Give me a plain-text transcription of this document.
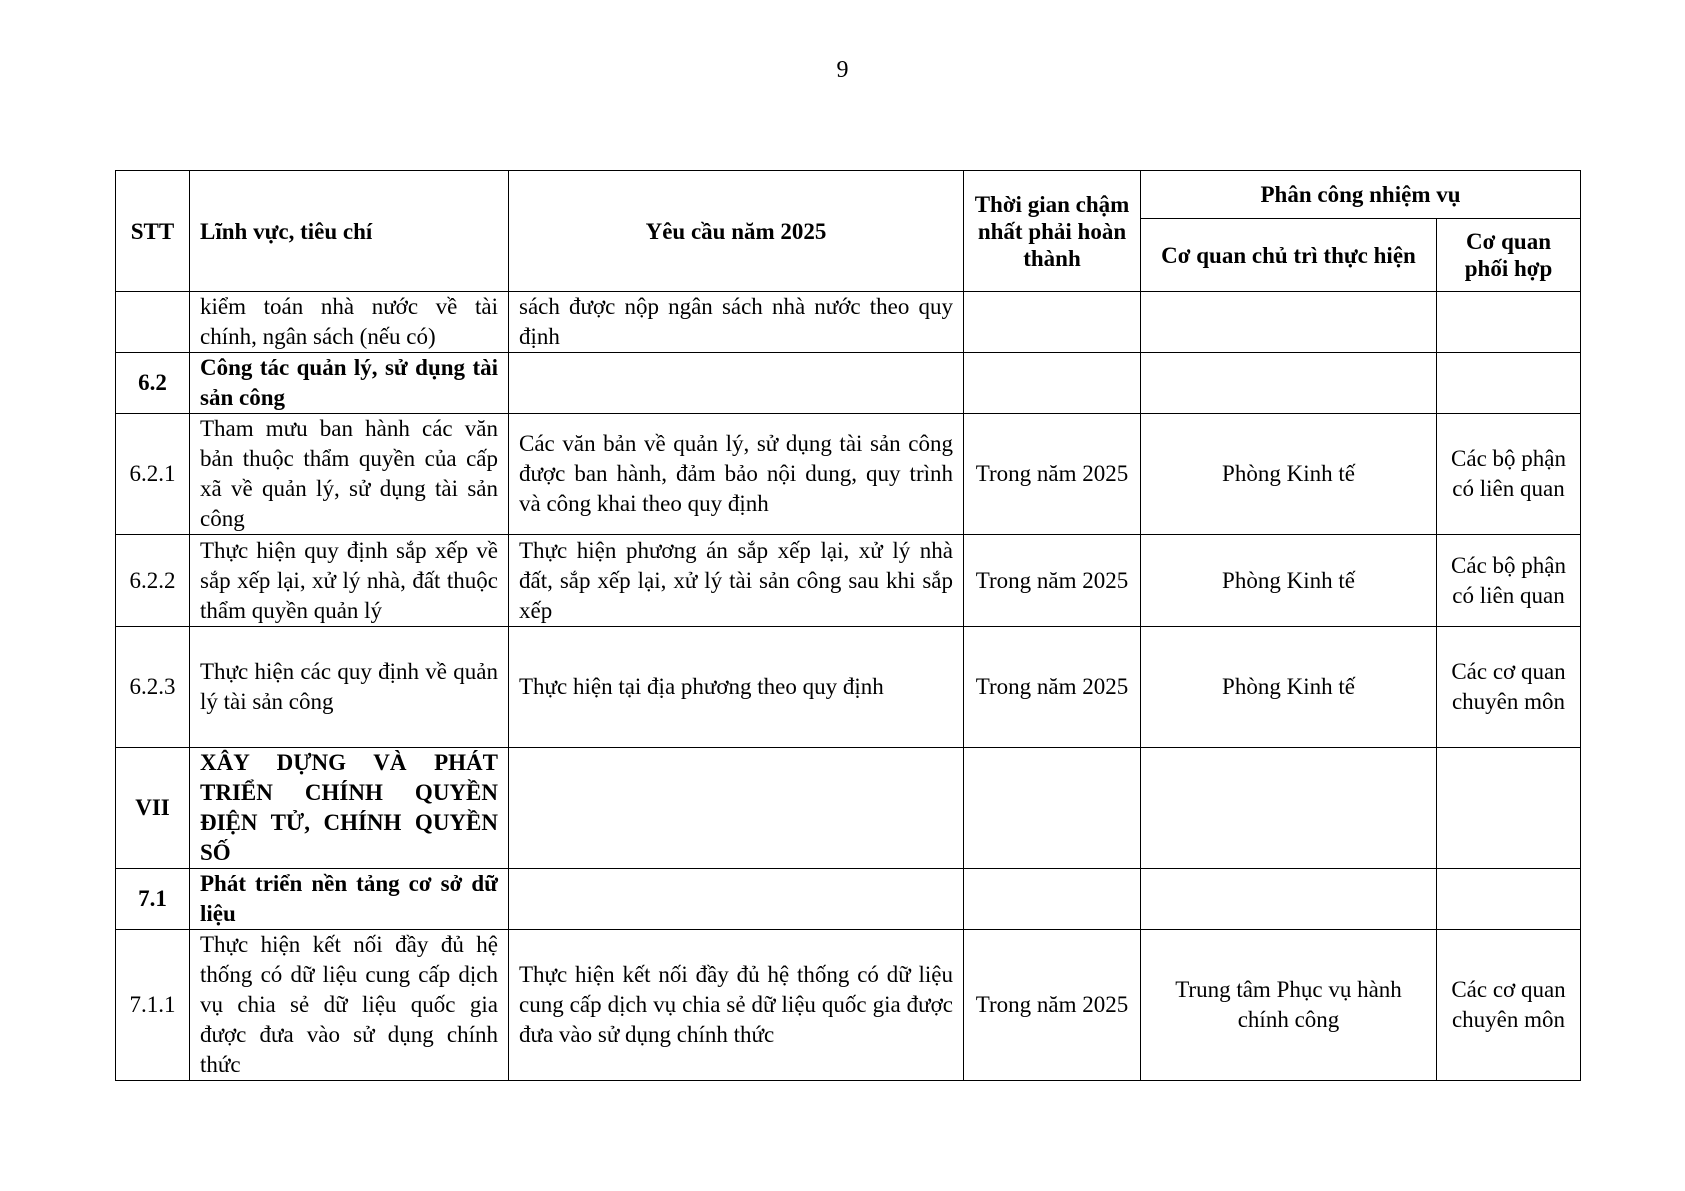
9
STT	Lĩnh vực, tiêu chí	Yêu cầu năm 2025	Thời gian chậm nhất phải hoàn thành	Phân công nhiệm vụ	
				Cơ quan chủ trì thực hiện	Cơ quan phối hợp
	kiểm toán nhà nước về tài chính, ngân sách (nếu có)	sách được nộp ngân sách nhà nước theo quy định			
6.2	Công tác quản lý, sử dụng tài sản công				
6.2.1	Tham mưu ban hành các văn bản thuộc thẩm quyền của cấp xã về quản lý, sử dụng tài sản công	Các văn bản về quản lý, sử dụng tài sản công được ban hành, đảm bảo nội dung, quy trình và công khai theo quy định	Trong năm 2025	Phòng Kinh tế	Các bộ phận có liên quan
6.2.2	Thực hiện quy định sắp xếp về sắp xếp lại, xử lý nhà, đất thuộc thẩm quyền quản lý	Thực hiện phương án sắp xếp lại, xử lý nhà đất, sắp xếp lại, xử lý tài sản công sau khi sắp xếp	Trong năm 2025	Phòng Kinh tế	Các bộ phận có liên quan
6.2.3	Thực hiện các quy định về quản lý tài sản công	Thực hiện tại địa phương theo quy định	Trong năm 2025	Phòng Kinh tế	Các cơ quan chuyên môn
VII	XÂY DỰNG VÀ PHÁT TRIỂN CHÍNH QUYỀN ĐIỆN TỬ, CHÍNH QUYỀN SỐ				
7.1	Phát triển nền tảng cơ sở dữ liệu				
7.1.1	Thực hiện kết nối đầy đủ hệ thống có dữ liệu cung cấp dịch vụ chia sẻ dữ liệu quốc gia được đưa vào sử dụng chính thức	Thực hiện kết nối đầy đủ hệ thống có dữ liệu cung cấp dịch vụ chia sẻ dữ liệu quốc gia được đưa vào sử dụng chính thức	Trong năm 2025	Trung tâm Phục vụ hành chính công	Các cơ quan chuyên môn
